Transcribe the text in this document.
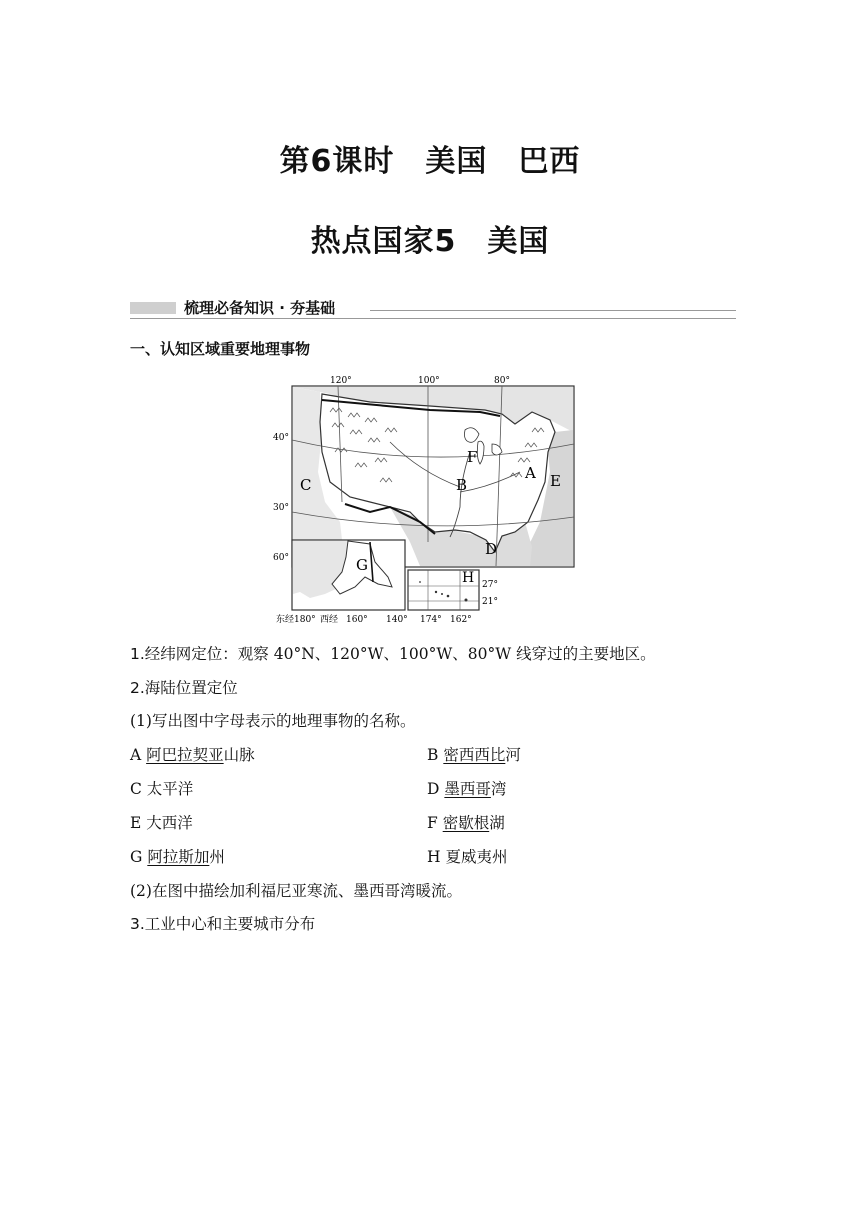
第6课时　美国　巴西
热点国家5　美国
梳理必备知识 · 夯基础
一、认知区域重要地理事物
120°	100°	80°
40°
30°
A
B
C
D
E
F
60°	G
东经180° 西经 160° 140°
H 27°
21°
174° 162°
1.经纬网定位：观察 40°N、120°W、100°W、80°W 线穿过的主要地区。
2.海陆位置定位
(1)写出图中字母表示的地理事物的名称。
A 阿巴拉契亚山脉	B 密西西比河
C 太平洋	D 墨西哥湾
E 大西洋	F 密歇根湖
G 阿拉斯加州	H 夏威夷州
(2)在图中描绘加利福尼亚寒流、墨西哥湾暖流。
3.工业中心和主要城市分布
